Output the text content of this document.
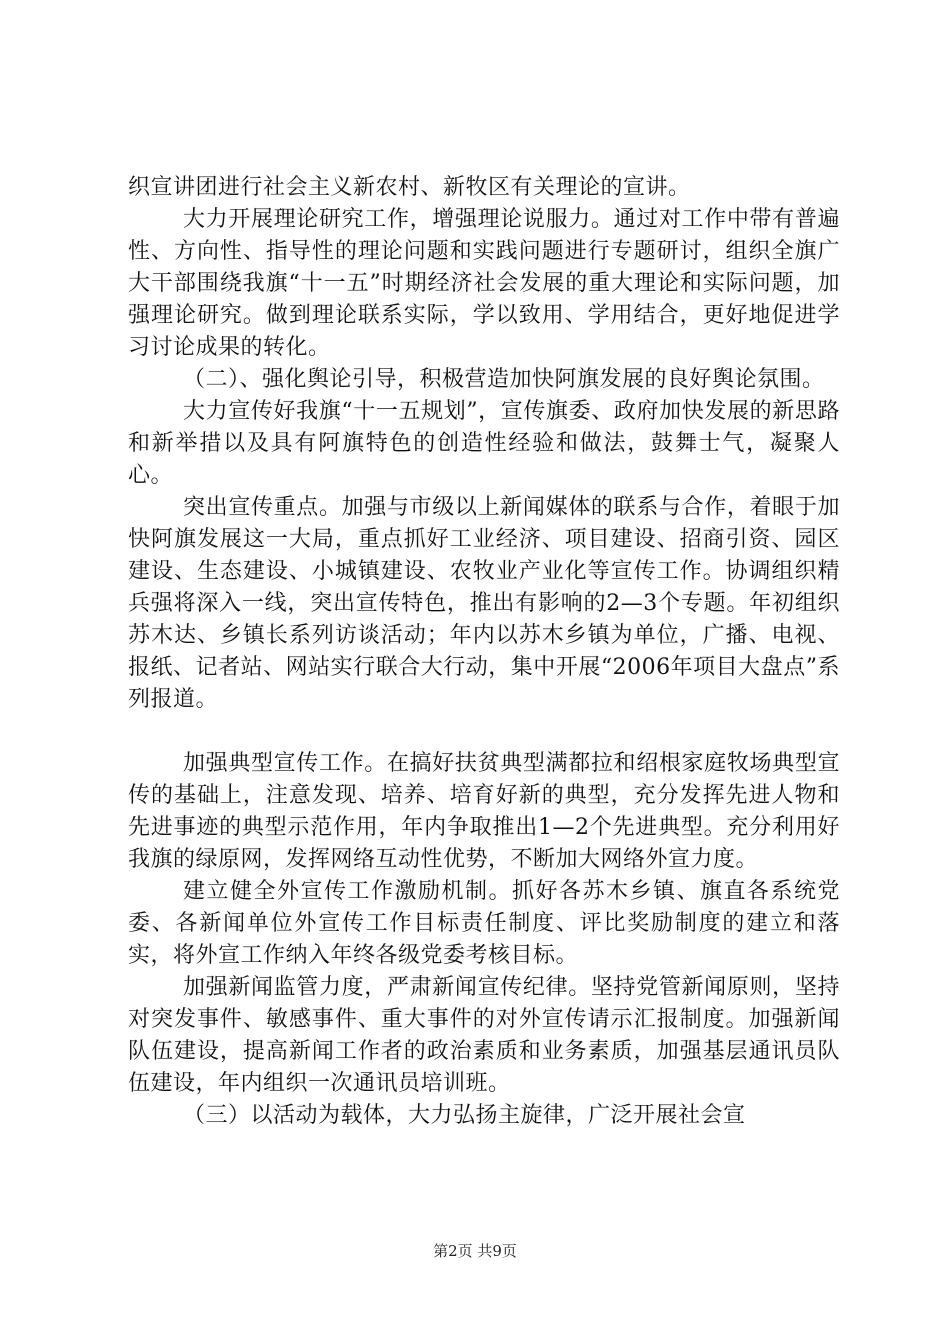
织宣讲团进行社会主义新农村、新牧区有关理论的宣讲。

大力开展理论研究工作，增强理论说服力。通过对工作中带有普遍性、方向性、指导性的理论问题和实践问题进行专题研讨，组织全旗广大干部围绕我旗“十一五”时期经济社会发展的重大理论和实际问题，加强理论研究。做到理论联系实际，学以致用、学用结合，更好地促进学习讨论成果的转化。

（二）、强化舆论引导，积极营造加快阿旗发展的良好舆论氛围。

大力宣传好我旗“十一五规划”，宣传旗委、政府加快发展的新思路和新举措以及具有阿旗特色的创造性经验和做法，鼓舞士气，凝聚人心。

突出宣传重点。加强与市级以上新闻媒体的联系与合作，着眼于加快阿旗发展这一大局，重点抓好工业经济、项目建设、招商引资、园区建设、生态建设、小城镇建设、农牧业产业化等宣传工作。协调组织精兵强将深入一线，突出宣传特色，推出有影响的2—3个专题。年初组织苏木达、乡镇长系列访谈活动；年内以苏木乡镇为单位，广播、电视、报纸、记者站、网站实行联合大行动，集中开展“2006年项目大盘点”系列报道。

加强典型宣传工作。在搞好扶贫典型满都拉和绍根家庭牧场典型宣传的基础上，注意发现、培养、培育好新的典型，充分发挥先进人物和先进事迹的典型示范作用，年内争取推出1—2个先进典型。充分利用好我旗的绿原网，发挥网络互动性优势，不断加大网络外宣力度。

建立健全外宣传工作激励机制。抓好各苏木乡镇、旗直各系统党委、各新闻单位外宣传工作目标责任制度、评比奖励制度的建立和落实，将外宣工作纳入年终各级党委考核目标。

加强新闻监管力度，严肃新闻宣传纪律。坚持党管新闻原则，坚持对突发事件、敏感事件、重大事件的对外宣传请示汇报制度。加强新闻队伍建设，提高新闻工作者的政治素质和业务素质，加强基层通讯员队伍建设，年内组织一次通讯员培训班。

（三）以活动为载体，大力弘扬主旋律，广泛开展社会宣

第2页 共9页
